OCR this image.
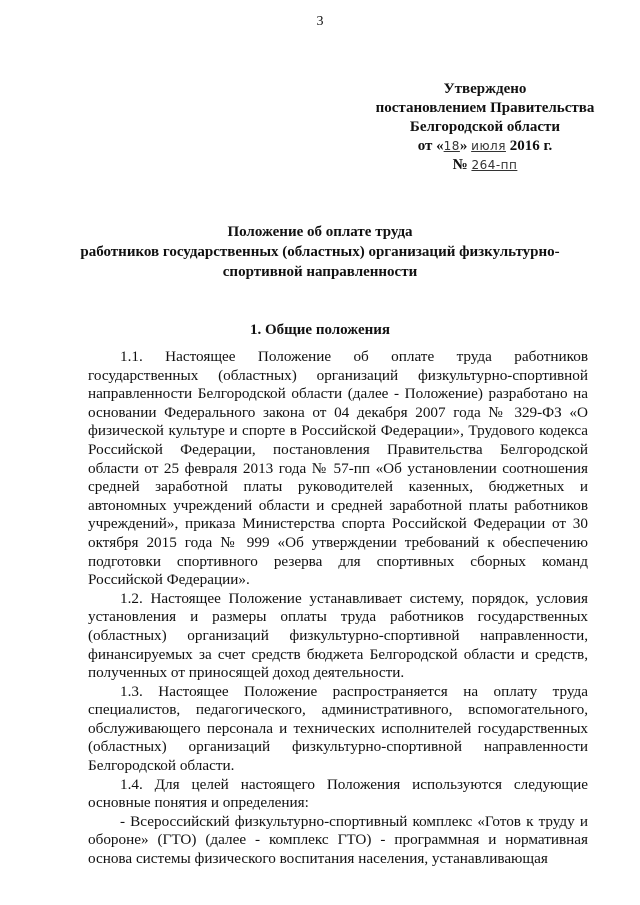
3
Утверждено
постановлением Правительства
Белгородской области
от «18» июля 2016 г.
№ 264-пп
Положение об оплате труда
работников государственных (областных) организаций физкультурно-
спортивной направленности
1. Общие положения

1.1. Настоящее Положение об оплате труда работников государственных (областных) организаций физкультурно-спортивной направленности Белгородской области (далее - Положение) разработано на основании Федерального закона от 04 декабря 2007 года № 329-ФЗ «О физической культуре и спорте в Российской Федерации», Трудового кодекса Российской Федерации, постановления Правительства Белгородской области от 25 февраля 2013 года № 57-пп «Об установлении соотношения средней заработной платы руководителей казенных, бюджетных и автономных учреждений области и средней заработной платы работников учреждений», приказа Министерства спорта Российской Федерации от 30 октября 2015 года № 999 «Об утверждении требований к обеспечению подготовки спортивного резерва для спортивных сборных команд Российской Федерации».

1.2. Настоящее Положение устанавливает систему, порядок, условия установления и размеры оплаты труда работников государственных (областных) организаций физкультурно-спортивной направленности, финансируемых за счет средств бюджета Белгородской области и средств, полученных от приносящей доход деятельности.

1.3. Настоящее Положение распространяется на оплату труда специалистов, педагогического, административного, вспомогательного, обслуживающего персонала и технических исполнителей государственных (областных) организаций физкультурно-спортивной направленности Белгородской области.

1.4. Для целей настоящего Положения используются следующие основные понятия и определения:

- Всероссийский физкультурно-спортивный комплекс «Готов к труду и обороне» (ГТО) (далее - комплекс ГТО) - программная и нормативная основа системы физического воспитания населения, устанавливающая
